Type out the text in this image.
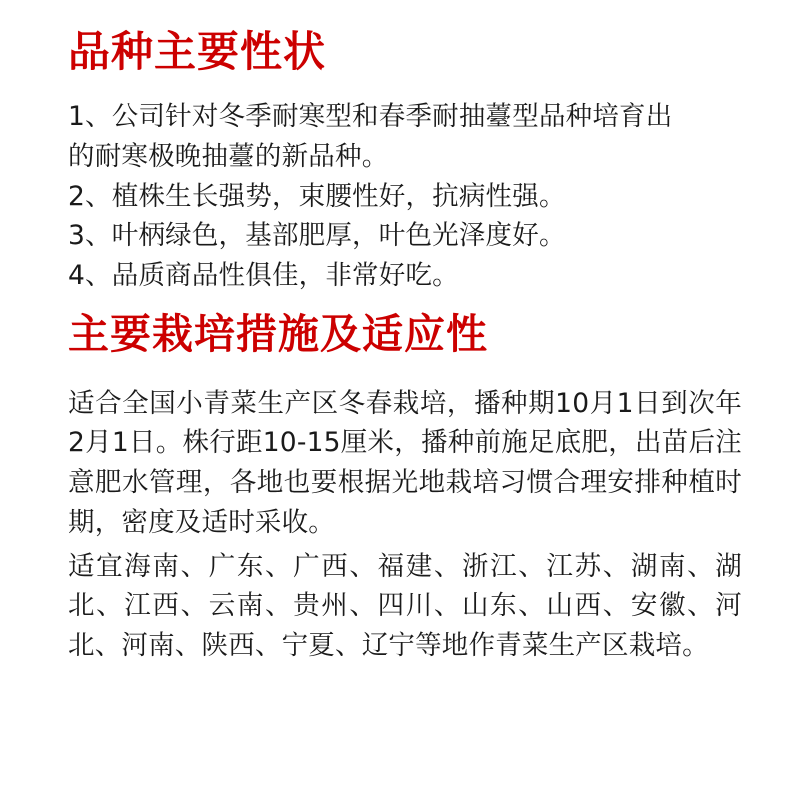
品种主要性状

1、公司针对冬季耐寒型和春季耐抽薹型品种培育出

的耐寒极晚抽薹的新品种。

2、植株生长强势，束腰性好，抗病性强。

3、叶柄绿色，基部肥厚，叶色光泽度好。

4、品质商品性俱佳，非常好吃。

主要栽培措施及适应性

适合全国小青菜生产区冬春栽培，播种期10月1日到次年2月1日。株行距10-15厘米，播种前施足底肥，出苗后注意肥水管理，各地也要根据光地栽培习惯合理安排种植时期，密度及适时采收。

适宜海南、广东、广西、福建、浙江、江苏、湖南、湖北、江西、云南、贵州、四川、山东、山西、安徽、河北、河南、陕西、宁夏、辽宁等地作青菜生产区栽培。
